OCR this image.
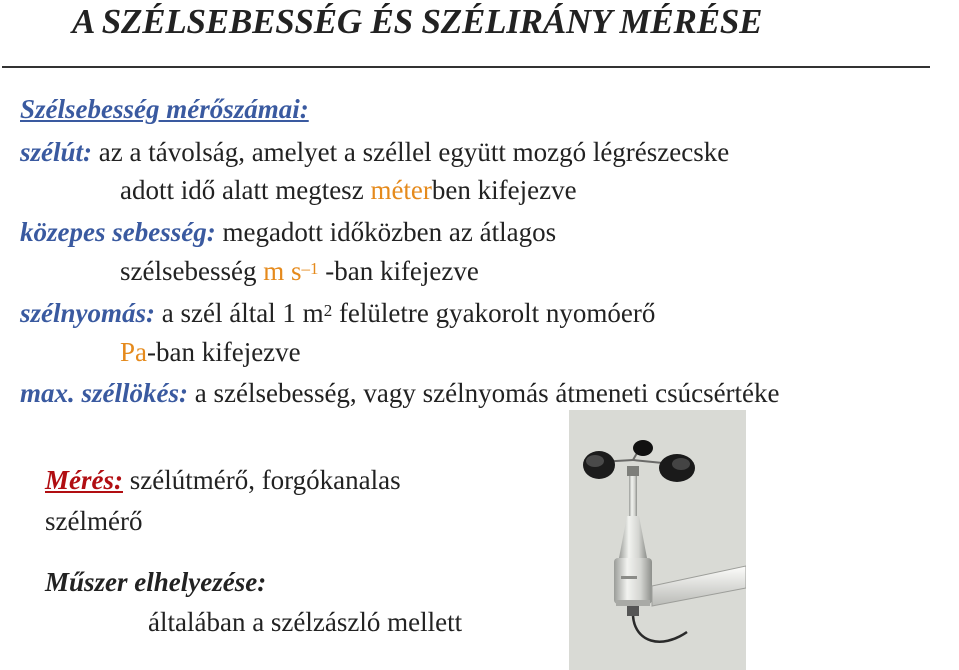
A SZÉLSEBESSÉG ÉS SZÉLIRÁNY MÉRÉSE
Szélsebesség mérőszámai:
szélút: az a távolság, amelyet a széllel együtt mozgó légrészecske
adott idő alatt megtesz méterben kifejezve
közepes sebesség: megadott időközben az átlagos
szélsebesség m $s^{-1}$ -ban kifejezve
szélnyomás: a szél által 1 $m^2$ felületre gyakorolt nyomóerő
Pa-ban kifejezve
max. széllökés: a szélsebesség, vagy szélnyomás átmeneti csúcsértéke
Mérés: szélútmérő, forgókanalas
szélmérő
Műszer elhelyezése:
általában a szélzászló mellett
